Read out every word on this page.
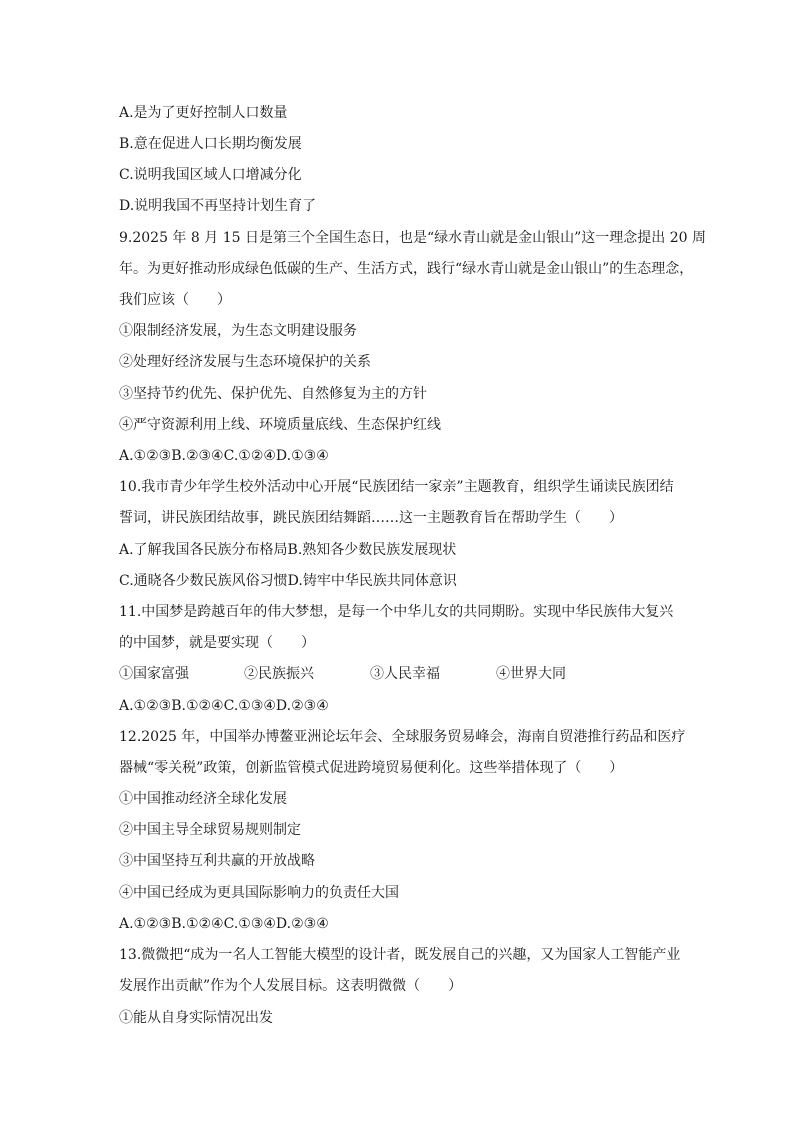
A.是为了更好控制人口数量
B.意在促进人口长期均衡发展
C.说明我国区域人口增减分化
D.说明我国不再坚持计划生育了
9.2025 年 8 月 15 日是第三个全国生态日，也是“绿水青山就是金山银山”这一理念提出 20 周
年。为更好推动形成绿色低碳的生产、生活方式，践行“绿水青山就是金山银山”的生态理念，
我们应该（　　）
①限制经济发展，为生态文明建设服务
②处理好经济发展与生态环境保护的关系
③坚持节约优先、保护优先、自然修复为主的方针
④严守资源利用上线、环境质量底线、生态保护红线
A.①②③B.②③④C.①②④D.①③④
10.我市青少年学生校外活动中心开展“民族团结一家亲”主题教育，组织学生诵读民族团结
誓词，讲民族团结故事，跳民族团结舞蹈……这一主题教育旨在帮助学生（　　）
A.了解我国各民族分布格局B.熟知各少数民族发展现状
C.通晓各少数民族风俗习惯D.铸牢中华民族共同体意识
11.中国梦是跨越百年的伟大梦想，是每一个中华儿女的共同期盼。实现中华民族伟大复兴
的中国梦，就是要实现（　　）
①国家富强	②民族振兴	③人民幸福	④世界大同
A.①②③B.①②④C.①③④D.②③④
12.2025 年，中国举办博鳌亚洲论坛年会、全球服务贸易峰会，海南自贸港推行药品和医疗
器械“零关税”政策，创新监管模式促进跨境贸易便利化。这些举措体现了（　　）
①中国推动经济全球化发展
②中国主导全球贸易规则制定
③中国坚持互利共赢的开放战略
④中国已经成为更具国际影响力的负责任大国
A.①②③B.①②④C.①③④D.②③④
13.微微把“成为一名人工智能大模型的设计者，既发展自己的兴趣，又为国家人工智能产业
发展作出贡献”作为个人发展目标。这表明微微（　　）
①能从自身实际情况出发
